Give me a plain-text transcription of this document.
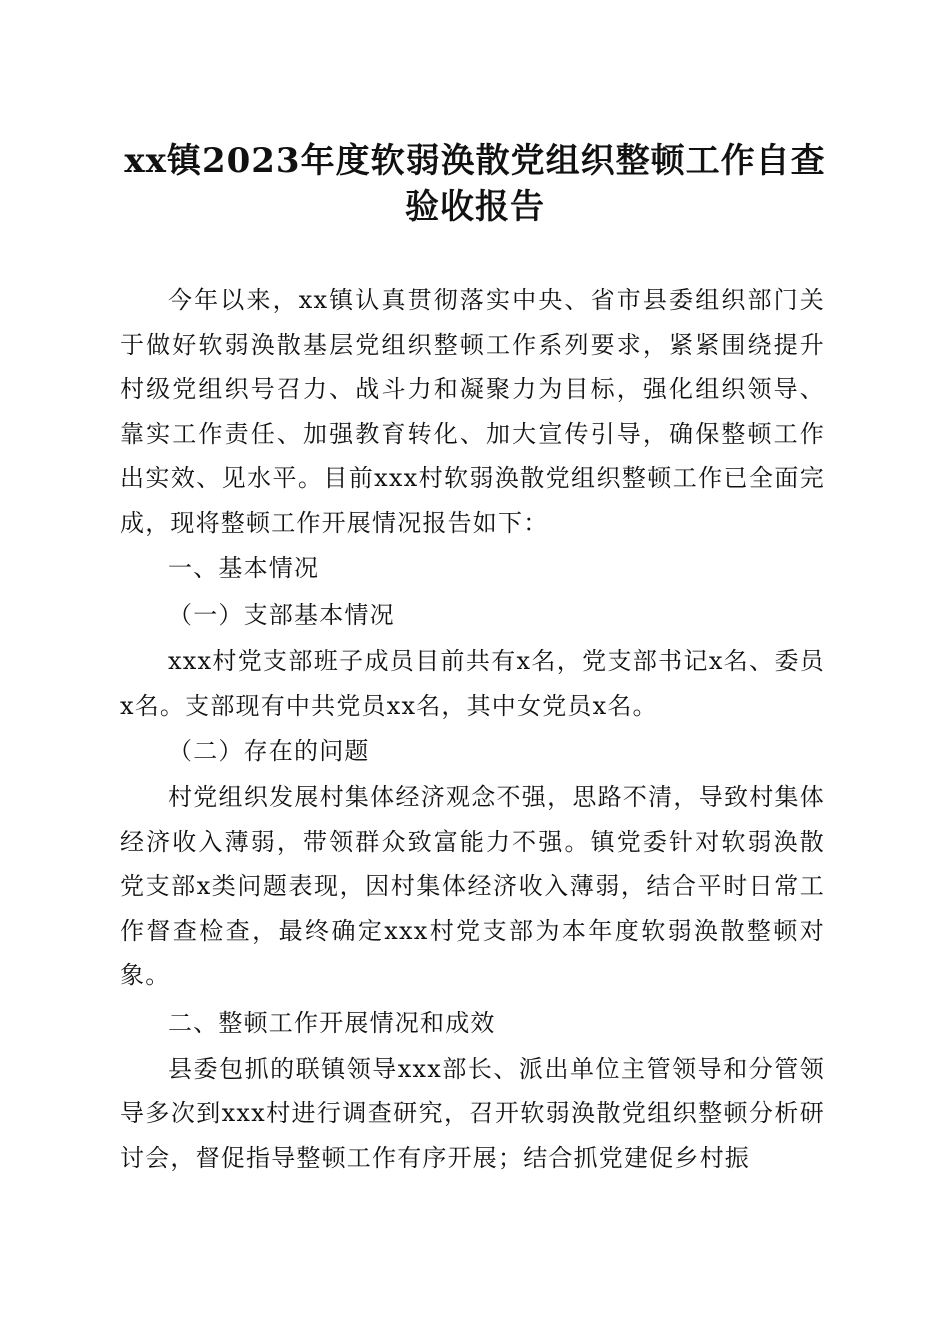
xx镇2023年度软弱涣散党组织整顿工作自查
验收报告

今年以来，xx镇认真贯彻落实中央、省市县委组织部门关于做好软弱涣散基层党组织整顿工作系列要求，紧紧围绕提升村级党组织号召力、战斗力和凝聚力为目标，强化组织领导、靠实工作责任、加强教育转化、加大宣传引导，确保整顿工作出实效、见水平。目前xxx村软弱涣散党组织整顿工作已全面完成，现将整顿工作开展情况报告如下：

一、基本情况

（一）支部基本情况

xxx村党支部班子成员目前共有x名，党支部书记x名、委员x名。支部现有中共党员xx名，其中女党员x名。

（二）存在的问题

村党组织发展村集体经济观念不强，思路不清，导致村集体经济收入薄弱，带领群众致富能力不强。镇党委针对软弱涣散党支部x类问题表现，因村集体经济收入薄弱，结合平时日常工作督查检查，最终确定xxx村党支部为本年度软弱涣散整顿对象。

二、整顿工作开展情况和成效

县委包抓的联镇领导xxx部长、派出单位主管领导和分管领导多次到xxx村进行调查研究，召开软弱涣散党组织整顿分析研讨会，督促指导整顿工作有序开展；结合抓党建促乡村振
